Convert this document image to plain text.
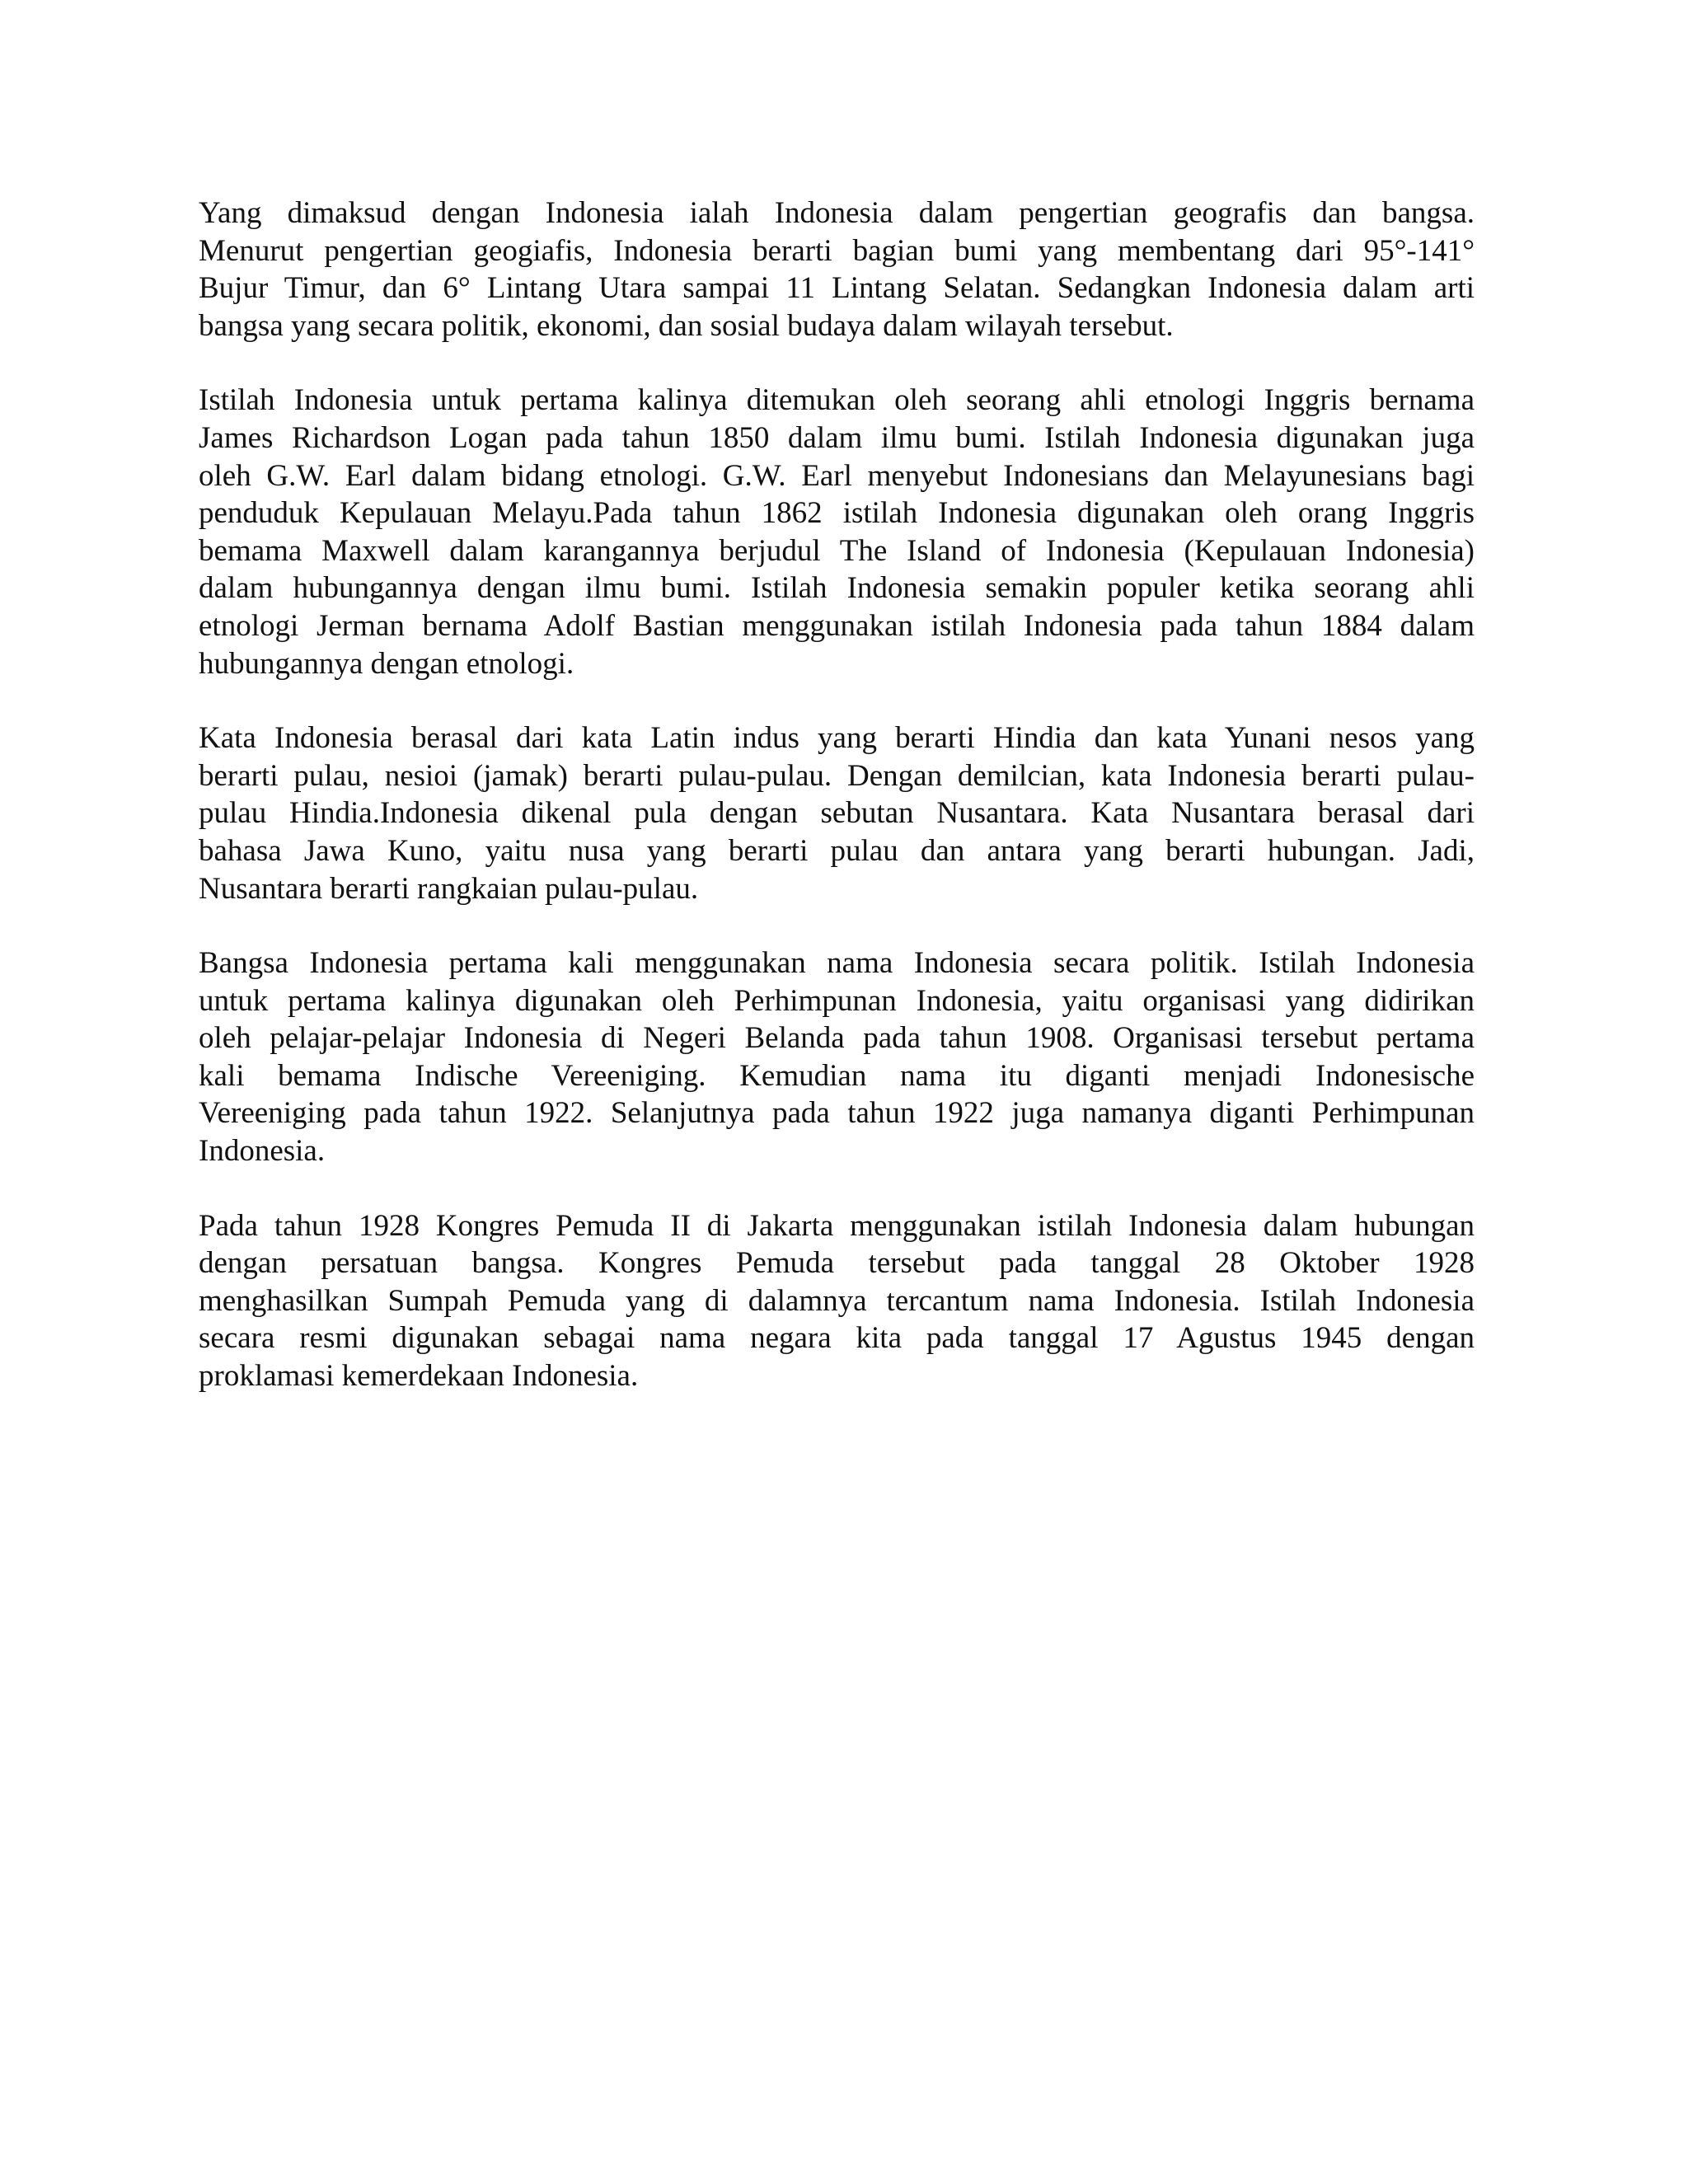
Yang dimaksud dengan Indonesia ialah Indonesia dalam pengertian geografis dan bangsa.
Menurut pengertian geogiafis, Indonesia berarti bagian bumi yang membentang dari 95°-141°
Bujur Timur, dan 6° Lintang Utara sampai 11 Lintang Selatan. Sedangkan Indonesia dalam arti
bangsa yang secara politik, ekonomi, dan sosial budaya dalam wilayah tersebut.
Istilah Indonesia untuk pertama kalinya ditemukan oleh seorang ahli etnologi Inggris bernama
James Richardson Logan pada tahun 1850 dalam ilmu bumi. Istilah Indonesia digunakan juga
oleh G.W. Earl dalam bidang etnologi. G.W. Earl menyebut Indonesians dan Melayunesians bagi
penduduk Kepulauan Melayu.Pada tahun 1862 istilah Indonesia digunakan oleh orang Inggris
bemama Maxwell dalam karangannya berjudul The Island of Indonesia (Kepulauan Indonesia)
dalam hubungannya dengan ilmu bumi. Istilah Indonesia semakin populer ketika seorang ahli
etnologi Jerman bernama Adolf Bastian menggunakan istilah Indonesia pada tahun 1884 dalam
hubungannya dengan etnologi.
Kata Indonesia berasal dari kata Latin indus yang berarti Hindia dan kata Yunani nesos yang
berarti pulau, nesioi (jamak) berarti pulau-pulau. Dengan demilcian, kata Indonesia berarti pulau-
pulau Hindia.Indonesia dikenal pula dengan sebutan Nusantara. Kata Nusantara berasal dari
bahasa Jawa Kuno, yaitu nusa yang berarti pulau dan antara yang berarti hubungan. Jadi,
Nusantara berarti rangkaian pulau-pulau.
Bangsa Indonesia pertama kali menggunakan nama Indonesia secara politik. Istilah Indonesia
untuk pertama kalinya digunakan oleh Perhimpunan Indonesia, yaitu organisasi yang didirikan
oleh pelajar-pelajar Indonesia di Negeri Belanda pada tahun 1908. Organisasi tersebut pertama
kali bemama Indische Vereeniging. Kemudian nama itu diganti menjadi Indonesische
Vereeniging pada tahun 1922. Selanjutnya pada tahun 1922 juga namanya diganti Perhimpunan
Indonesia.
Pada tahun 1928 Kongres Pemuda II di Jakarta menggunakan istilah Indonesia dalam hubungan
dengan persatuan bangsa. Kongres Pemuda tersebut pada tanggal 28 Oktober 1928
menghasilkan Sumpah Pemuda yang di dalamnya tercantum nama Indonesia. Istilah Indonesia
secara resmi digunakan sebagai nama negara kita pada tanggal 17 Agustus 1945 dengan
proklamasi kemerdekaan Indonesia.
